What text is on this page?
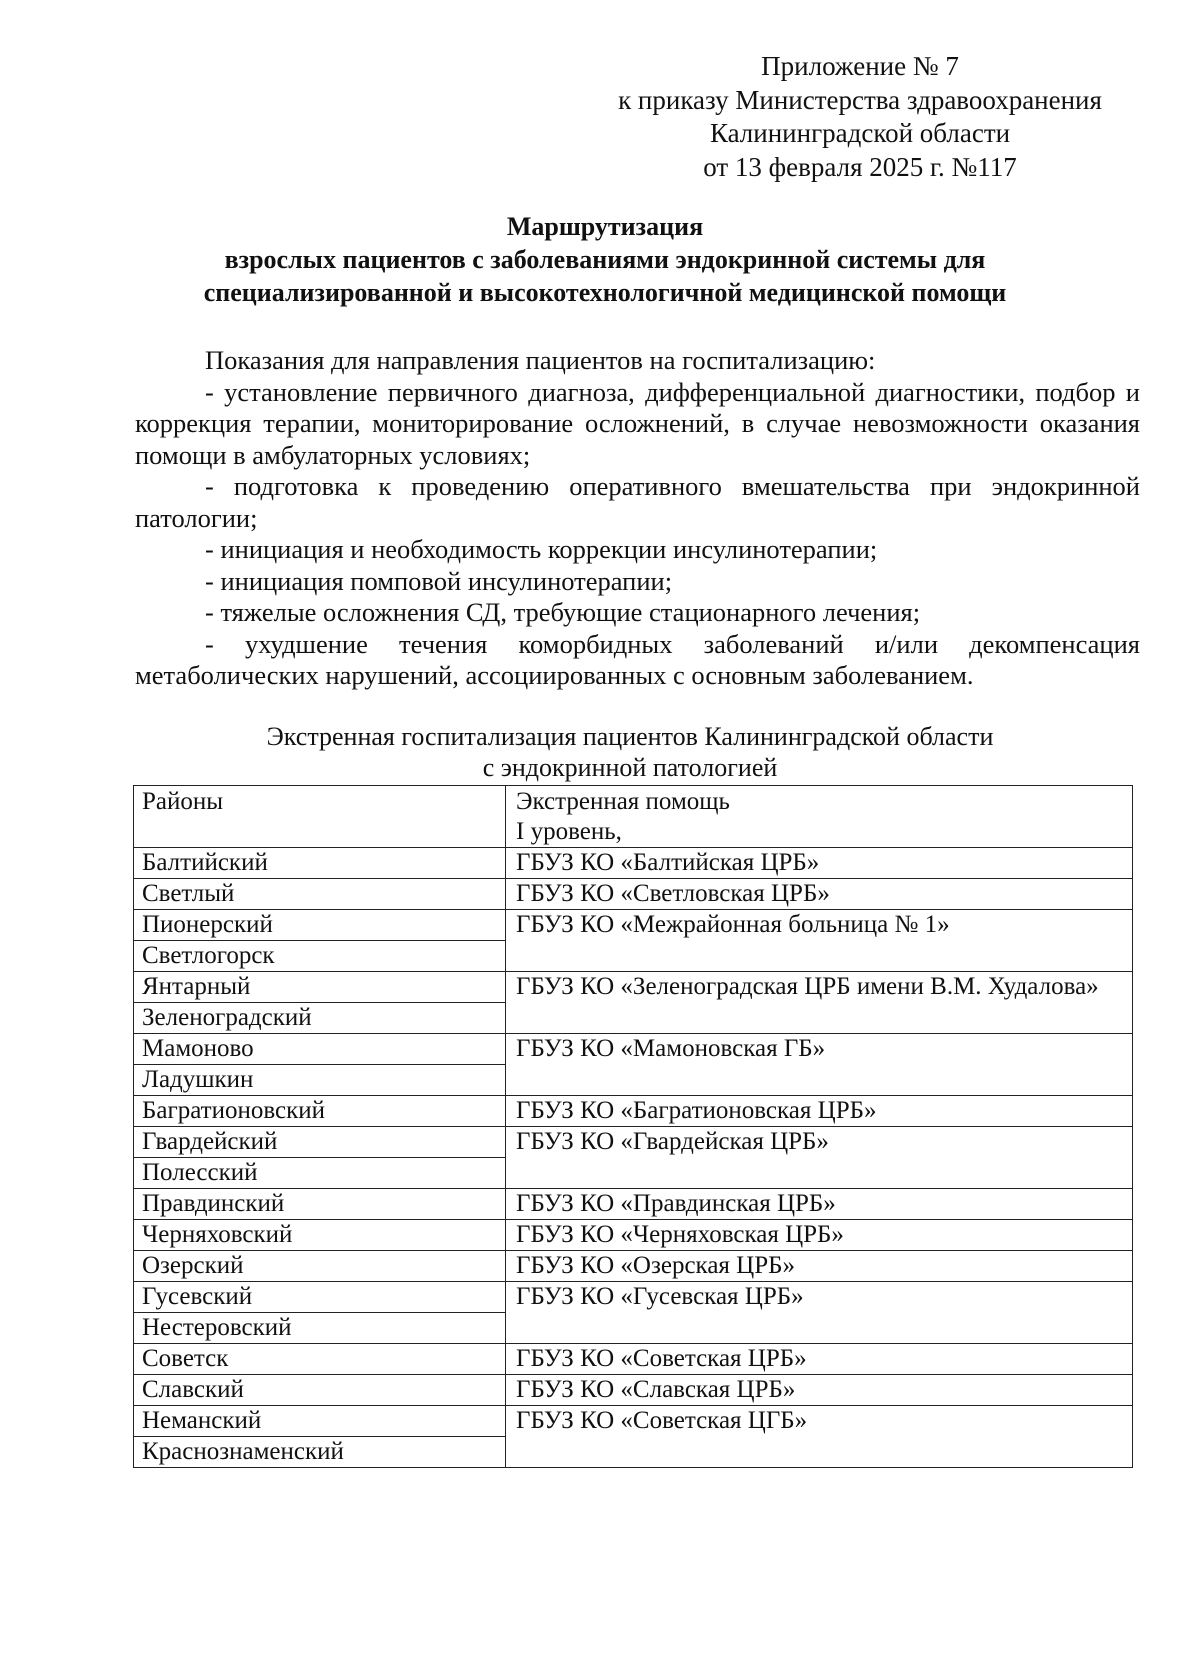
Приложение № 7
к приказу Министерства здравоохранения
Калининградской области
от 13 февраля 2025 г. №117
Маршрутизация
взрослых пациентов с заболеваниями эндокринной системы для
специализированной и высокотехнологичной медицинской помощи

Показания для направления пациентов на госпитализацию:

- установление первичного диагноза, дифференциальной диагностики, подбор и коррекция терапии, мониторирование осложнений, в случае невозможности оказания помощи в амбулаторных условиях;

- подготовка к проведению оперативного вмешательства при эндокринной патологии;

- инициация и необходимость коррекции инсулинотерапии;

- инициация помповой инсулинотерапии;

- тяжелые осложнения СД, требующие стационарного лечения;

- ухудшение течения коморбидных заболеваний и/или декомпенсация метаболических нарушений, ассоциированных с основным заболеванием.

Экстренная госпитализация пациентов Калининградской области
с эндокринной патологией
Районы	Экстренная помощь
I уровень,

Балтийский	ГБУЗ КО «Балтийская ЦРБ»
Светлый	ГБУЗ КО «Светловская ЦРБ»
Пионерский	ГБУЗ КО «Межрайонная больница № 1»
Светлогорск	
Янтарный	ГБУЗ КО «Зеленоградская ЦРБ имени В.М. Худалова»
Зеленоградский	
Мамоново	ГБУЗ КО «Мамоновская ГБ»
Ладушкин	
Багратионовский	ГБУЗ КО «Багратионовская ЦРБ»
Гвардейский	ГБУЗ КО «Гвардейская ЦРБ»
Полесский	
Правдинский	ГБУЗ КО «Правдинская ЦРБ»
Черняховский	ГБУЗ КО «Черняховская ЦРБ»
Озерский	ГБУЗ КО «Озерская ЦРБ»
Гусевский	ГБУЗ КО «Гусевская ЦРБ»
Нестеровский	
Советск	ГБУЗ КО «Советская ЦРБ»
Славский	ГБУЗ КО «Славская ЦРБ»
Неманский	ГБУЗ КО «Советская ЦГБ»
Краснознаменский	
